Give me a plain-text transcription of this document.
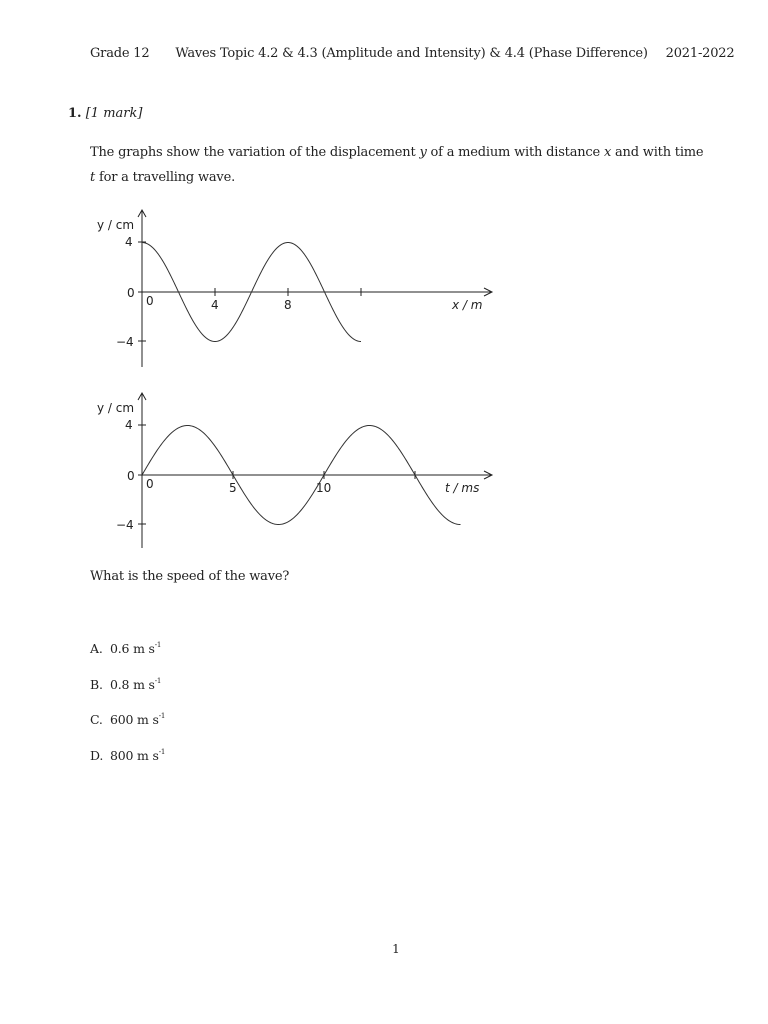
Grade 12 Waves Topic 4.2 & 4.3 (Amplitude and Intensity) & 4.4 (Phase Difference) 2021-2022
1. [1 mark]
The graphs show the variation of the displacement y of a medium with distance x and with time t for a travelling wave.
y / cm
4
0
−4
0	4	8	x / m
y / cm
4
0
−4
0	5	10	t / ms
What is the speed of the wave?
A. 0.6 m $s^{-1}$
B. 0.8 m $s^{-1}$
C. 600 m $s^{-1}$
D. 800 m $s^{-1}$
1
